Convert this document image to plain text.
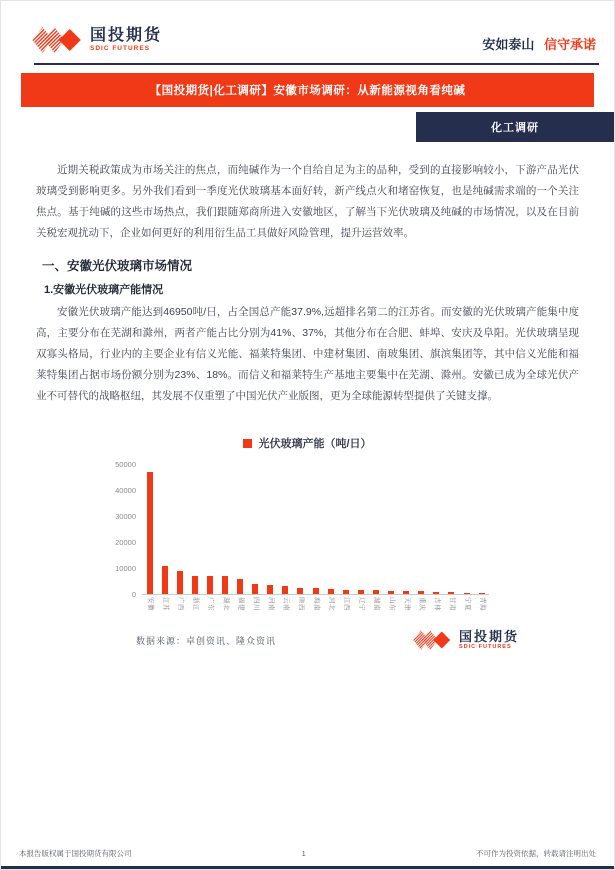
国投期货
SDIC FUTURES	安如泰山 信守承诺
【国投期货|化工调研】安徽市场调研：从新能源视角看纯碱
化工调研

近期关税政策成为市场关注的焦点，而纯碱作为一个自给自足为主的品种，受到的直接影响较小，下游产品光伏玻璃受到影响更多。另外我们看到一季度光伏玻璃基本面好转，新产线点火和堵窑恢复，也是纯碱需求端的一个关注焦点。基于纯碱的这些市场热点，我们跟随郑商所进入安徽地区，了解当下光伏玻璃及纯碱的市场情况，以及在目前关税宏观扰动下，企业如何更好的利用衍生品工具做好风险管理，提升运营效率。

一、安徽光伏玻璃市场情况
1.安徽光伏玻璃产能情况

安徽光伏玻璃产能达到46950吨/日，占全国总产能37.9%,远超排名第二的江苏省。而安徽的光伏玻璃产能集中度高，主要分布在芜湖和滁州，两者产能占比分别为41%、37%，其他分布在合肥、蚌埠、安庆及阜阳。光伏玻璃呈现双寡头格局，行业内的主要企业有信义光能、福莱特集团、中建材集团、南玻集团、旗滨集团等，其中信义光能和福莱特集团占据市场份额分别为23%、18%。而信义和福莱特生产基地主要集中在芜湖、滁州。安徽已成为全球光伏产业不可替代的战略枢纽，其发展不仅重塑了中国光伏产业版图，更为全球能源转型提供了关键支撑。

光伏玻璃产能（吨/日）
0
10000
20000
30000
40000
50000
安徽 江苏 广西 浙江 广东 湖北 福建 四川 河南 云南 陕西 海南 河北 江西 辽宁 湖南 山东 天津 重庆 吉林 甘肃 宁夏 青海
数据来源：卓创资讯、隆众资讯	国投期货
SDIC FUTURES
本报告版权属于国投期货有限公司	1	不可作为投资依据，转载请注明出处
